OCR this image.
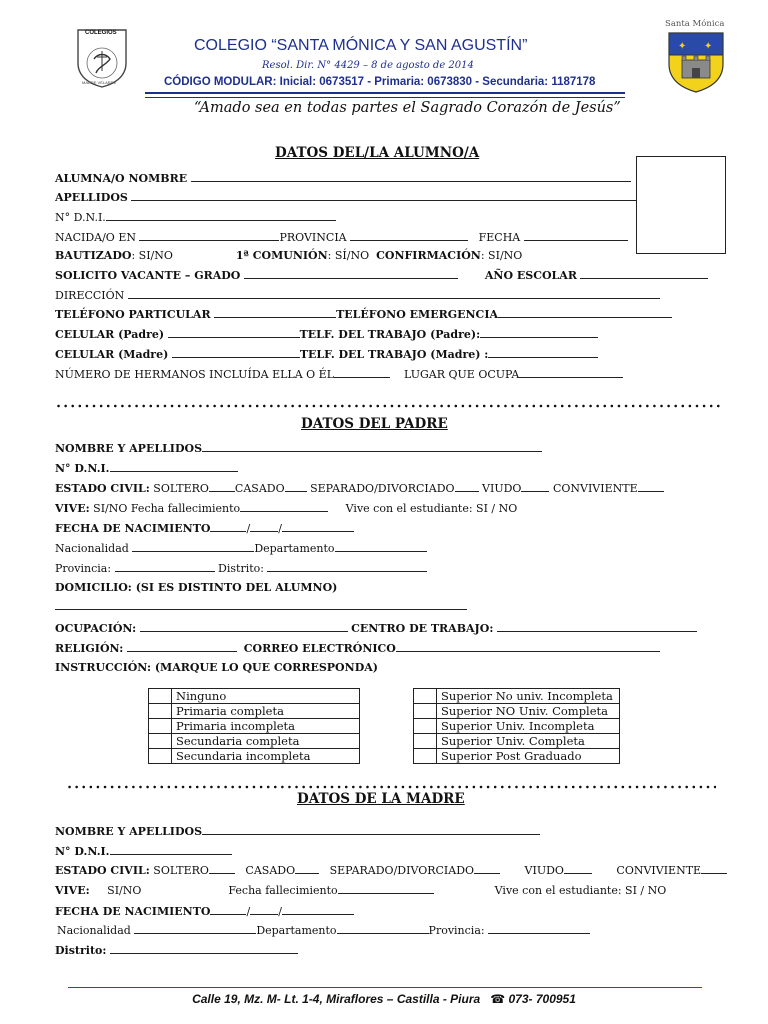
COLEGIOS
MADRE VELARDE
COLEGIO “SANTA MÓNICA Y SAN AGUSTÍN”
Resol. Dir. N° 4429 – 8 de agosto de 2014
CÓDIGO MODULAR: Inicial: 0673517 - Primaria: 0673830 - Secundaria: 1187178
Santa Mónica
✦ ✦
“Amado sea en todas partes el Sagrado Corazón de Jesús”
DATOS DEL/LA ALUMNO/A
ALUMNA/O NOMBRE
APELLIDOS
N° D.N.I.
NACIDA/O EN	PROVINCIA	FECHA
BAUTIZADO: SI/NO	1ª COMUNIÓN: SÍ/NO CONFIRMACIÓN: SI/NO
SOLICITO VACANTE – GRADO	AÑO ESCOLAR
DIRECCIÓN
TELÉFONO PARTICULAR	TELÉFONO EMERGENCIA
CELULAR (Padre)	TELF. DEL TRABAJO (Padre):
CELULAR (Madre)	TELF. DEL TRABAJO (Madre) :
NÚMERO DE HERMANOS INCLUÍDA ELLA O ÉL	LUGAR QUE OCUPA
DATOS DEL PADRE
NOMBRE Y APELLIDOS
N° D.N.I.
ESTADO CIVIL: SOLTERO CASADO SEPARADO/DIVORCIADO	VIUDO	CONVIVIENTE
VIVE: SI/NO Fecha fallecimiento	Vive con el estudiante: SI / NO
FECHA DE NACIMIENTO	/	/
Nacionalidad	Departamento
Provincia:	Distrito:
DOMICILIO: (SI ES DISTINTO DEL ALUMNO)
OCUPACIÓN:	CENTRO DE TRABAJO:
RELIGIÓN:	CORREO ELECTRÓNICO
INSTRUCCIÓN: (MARQUE LO QUE CORRESPONDA)
	Ninguno
	Primaria completa
	Primaria incompleta
	Secundaria completa
	Secundaria incompleta
	Superior No univ. Incompleta
	Superior NO Univ. Completa
	Superior Univ. Incompleta
	Superior Univ. Completa
	Superior Post Graduado
DATOS DE LA MADRE
NOMBRE Y APELLIDOS
N° D.N.I.
ESTADO CIVIL: SOLTERO	CASADO	SEPARADO/DIVORCIADO	VIUDO	CONVIVIENTE
VIVE: SI/NO	Fecha fallecimiento	Vive con el estudiante: SI / NO
FECHA DE NACIMIENTO	/	/
Nacionalidad	Departamento	Provincia:
Distrito:
Calle 19, Mz. M- Lt. 1-4, Miraflores – Castilla - Piura ☎ 073- 700951
